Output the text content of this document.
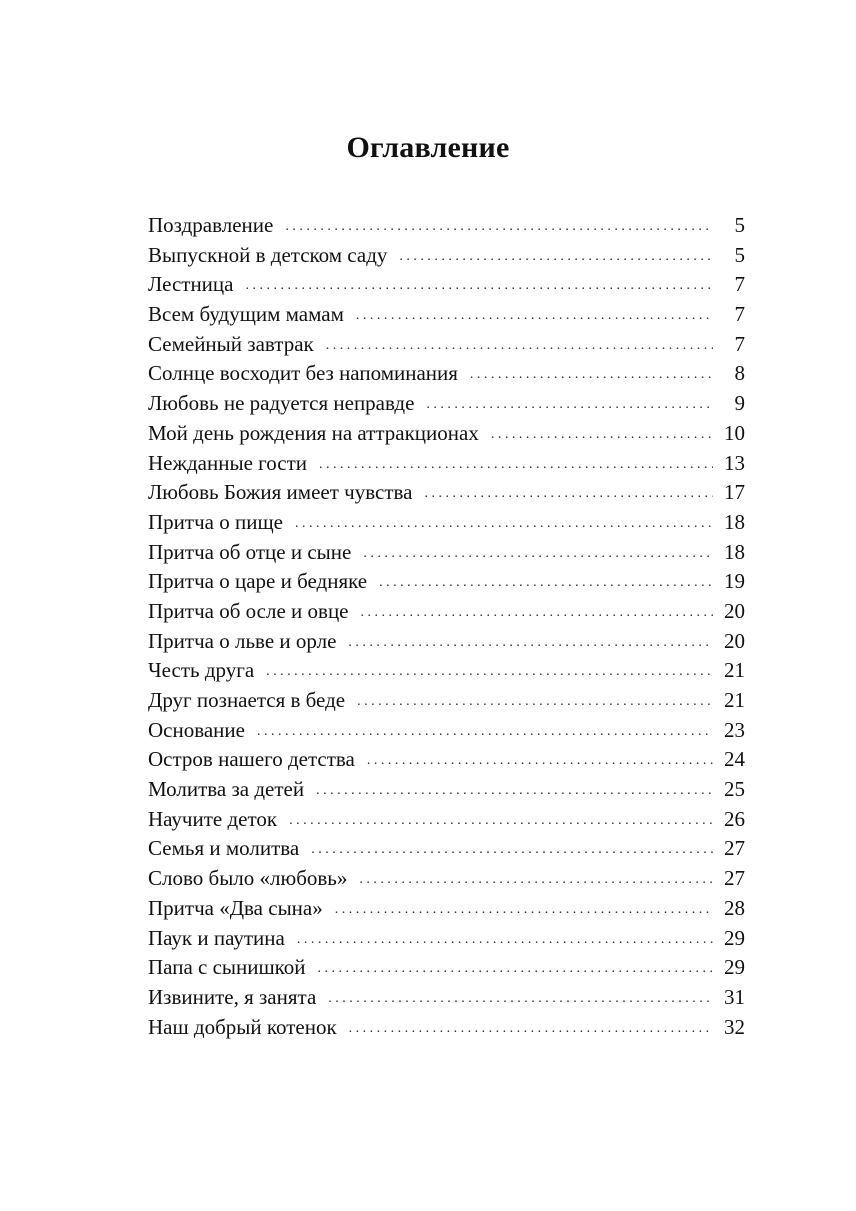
Оглавление
Поздравление . . .	5
Выпускной в детском саду . . .	5
Лестница . . .	7
Всем будущим мамам . . .	7
Семейный завтрак . . .	7
Солнце восходит без напоминания . . .	8
Любовь не радуется неправде . . .	9
Мой день рождения на аттракционах . . .	10
Нежданные гости . . .	13
Любовь Божия имеет чувства . . .	17
Притча о пище . . .	18
Притча об отце и сыне . . .	18
Притча о царе и бедняке . . .	19
Притча об осле и овце . . .	20
Притча о льве и орле . . .	20
Честь друга . . .	21
Друг познается в беде . . .	21
Основание . . .	23
Остров нашего детства . . .	24
Молитва за детей . . .	25
Научите деток . . .	26
Семья и молитва . . .	27
Слово было «любовь» . . .	27
Притча «Два сына» . . .	28
Паук и паутина . . .	29
Папа с сынишкой . . .	29
Извините, я занята . . .	31
Наш добрый котенок . . .	32
